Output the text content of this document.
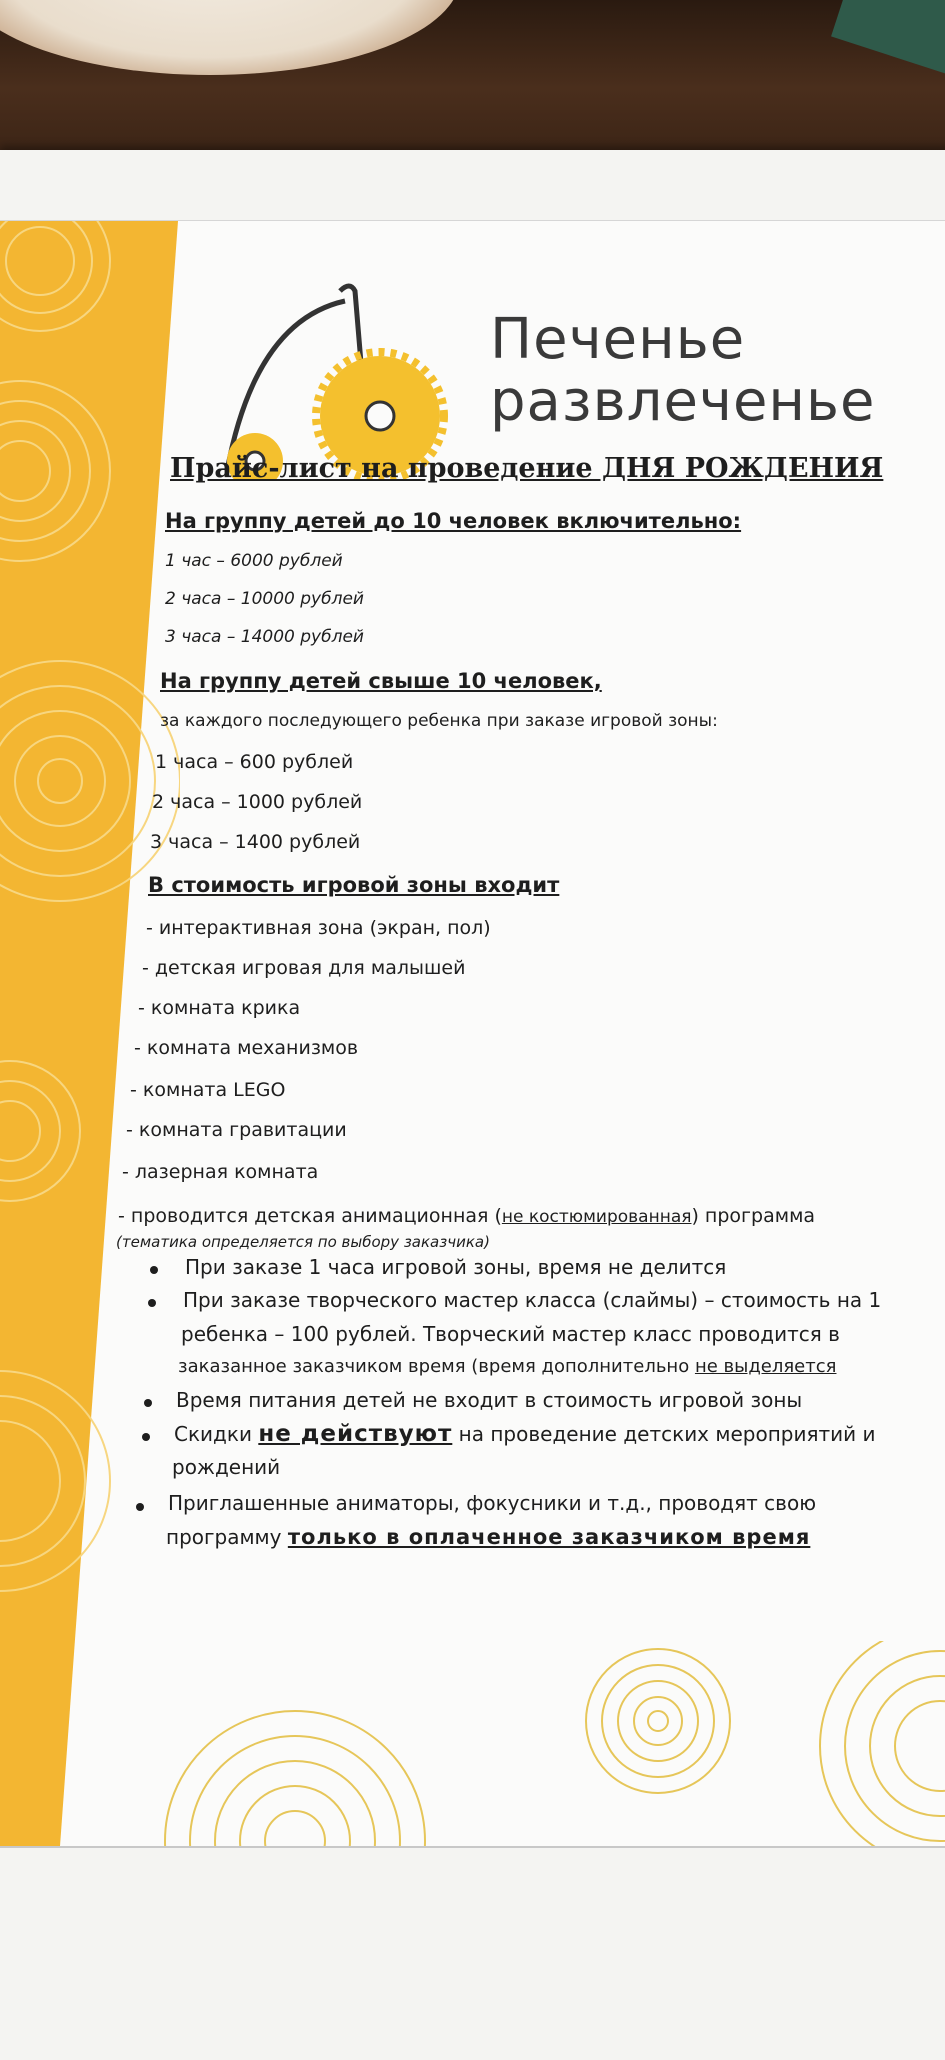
Печенье
развлеченье
Прайс-лист на проведение ДНЯ РОЖДЕНИЯ
На группу детей до 10 человек включительно:
1 час – 6000 рублей
2 часа – 10000 рублей
3 часа – 14000 рублей
На группу детей свыше 10 человек,
за каждого последующего ребенка при заказе игровой зоны:
1 часа – 600 рублей
2 часа – 1000 рублей
3 часа – 1400 рублей
В стоимость игровой зоны входит
- интерактивная зона (экран, пол)
- детская игровая для малышей
- комната крика
- комната механизмов
- комната LEGO
- комната гравитации
- лазерная комната
- проводится детская анимационная (не костюмированная) программа
(тематика определяется по выбору заказчика)
При заказе 1 часа игровой зоны, время не делится
При заказе творческого мастер класса (слаймы) – стоимость на 1
ребенка – 100 рублей. Творческий мастер класс проводится в
заказанное заказчиком время (время дополнительно не выделяется
Время питания детей не входит в стоимость игровой зоны
Скидки не действуют на проведение детских мероприятий и
рождений
Приглашенные аниматоры, фокусники и т.д., проводят свою
программу только в оплаченное заказчиком время
